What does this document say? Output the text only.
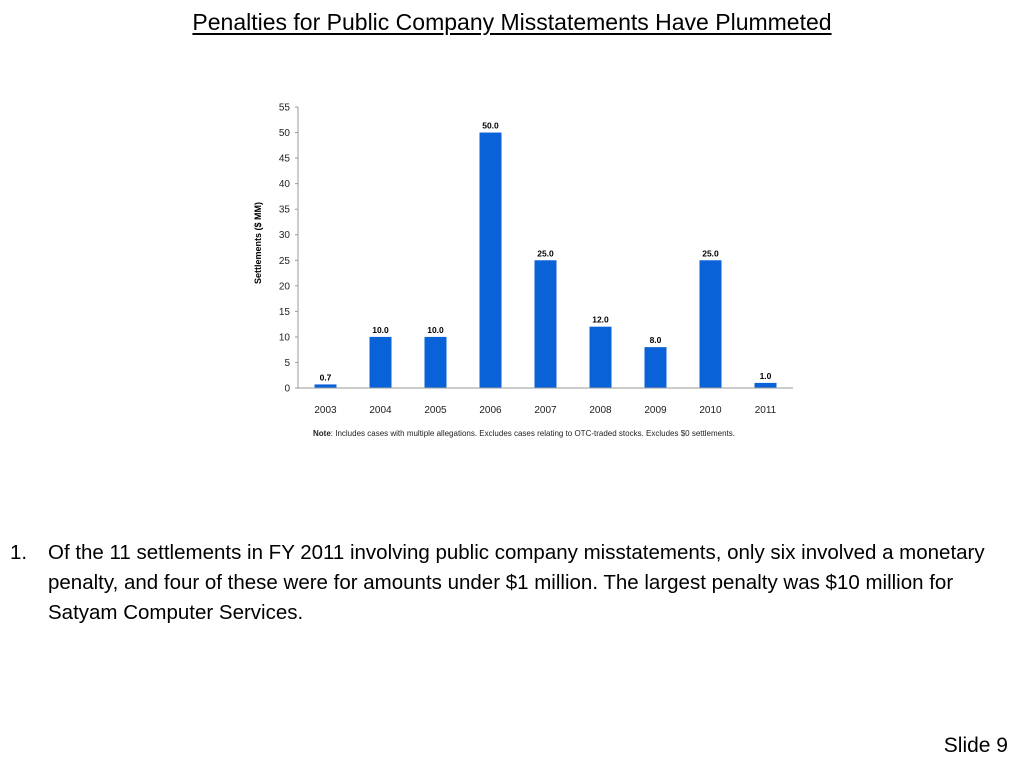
Penalties for Public Company Misstatements Have Plummeted
0
5
10
15
20
25
30
35
40
45
50
55
0.7
10.0	10.0
50.0
25.0
12.0
8.0
25.0
1.0
2003	2004	2005	2006	2007	2008	2009	2010	2011
Settlements ($ MM)
Note: Includes cases with multiple allegations. Excludes cases relating to OTC-traded stocks. Excludes $0 settlements.
1. Of the 11 settlements in FY 2011 involving public company misstatements, only six involved a monetary penalty, and four of these were for amounts under $1 million. The largest penalty was $10 million for Satyam Computer Services.
Slide 9
